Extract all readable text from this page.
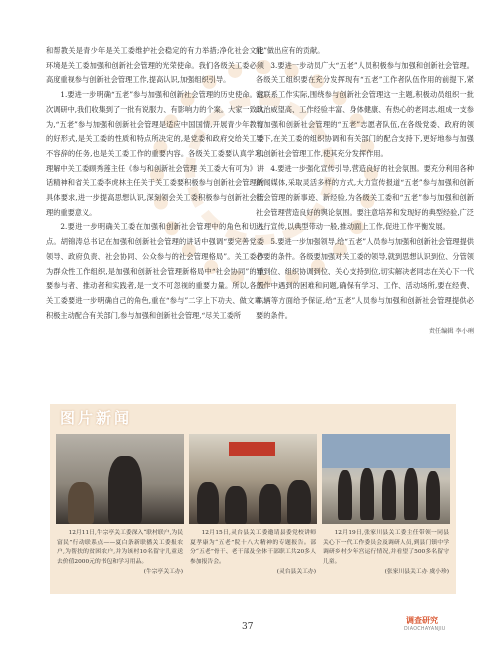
和帮教关是青少年是关工委维护社会稳定的有力举措;净化社会文化环境是关工委加强和创新社会管理的光荣使命。我们各级关工委必须高度重视参与创新社会管理工作,提高认识,加强组织引导。

1.要进一步明确“五老”参与加强和创新社会管理的历史使命。这次调研中,我们收集到了一批有说服力、有影响力的个案。大家一致认为,“五老”参与加强和创新社会管理是适应中国国情,开展青少年教育的好形式,是关工委的性质和特点所决定的,是党委和政府交给关工委不容辞的任务,也是关工委工作的重要内容。各级关工委要认真学习,理解中关工委顾秀莲主任《参与和创新社会管理 关工委大有可为》讲话精神和省关工委李虎林主任关于关工委要积极参与创新社会管理的具体要求,进一步提高思想认识,深刻领会关工委积极参与创新社会管理的重要意义。

2.要进一步明确关工委在加强和创新社会管理中的角色和切入点。胡锦涛总书记在加强和创新社会管理的讲话中强调“要完善党委领导、政府负责、社会协同、公众参与的社会管理格局”。关工委作为群众性工作组织,是加强和创新社会管理新格局中“社会协同”的重要参与者、推动者和实践者,是一支不可忽视的重要力量。所以,各级关工委要进一步明确自己的角色,重在“参与”二字上下功夫、做文章,积极主动配合有关部门,参与加强和创新社会管理,“尽关工委所

能”做出应有的贡献。

3.要进一步动员广大“五老”人员积极参与加强和创新社会管理。各级关工组织要在充分发挥现有“五老”工作者队伍作用的前提下,紧密联系工作实际,围绕参与创新社会管理这一主题,积极动员组织一批政治威望高、工作经验丰富、身体健康、有热心的老同志,组成一支参与加强和创新社会管理的“五老”志愿者队伍,在各级党委、政府的领导下,在关工委的组织协调和有关部门的配合支持下,更好地参与加强和创新社会管理工作,使其充分发挥作用。

4.要进一步强化宣传引导,营造良好的社会氛围。要充分利用各种新闻媒体,采取灵活多样的方式,大力宣传报道“五老”参与加强和创新社会管理的新事迹、新经验,为各级关工委和“五老”参与加强和创新社会管理营造良好的舆论氛围。要注意培养和发现好的典型经验,广泛进行宣传,以典型带动一般,推动面上工作,促进工作平衡发展。

5.要进一步加强领导,给“五老”人员参与加强和创新社会管理提供必要的条件。各级要加强对关工委的领导,就到思想认识到位、分管领导到位、组织协调到位、关心支持到位,切实解决老同志在关心下一代工作中遇到的困难和问题,确保有学习、工作、活动场所,要在经费、车辆等方面给予保证,给“五老”人员参与加强和创新社会管理提供必要的条件。

责任编辑 李小琍
图片新闻
12月11日,牛宗亭关工委深入“联村联户,为民富民”行动联系点——夏白条新联播关工委报农户,为帮扶的贫困农户,并为该村10名留守儿童送去价值2000元的书包和学习用品。
(牛宗亭关工办)
12月15日,灵台县关工委邀请县委党校讲师夏孝康为“五老”院十八大精神的专题报告。部分“五老”骨干、老干部及全体干部职工共20多人参加报告会。
(灵台县关工办)
12月19日,张家川县关工委主任带领一同县关心下一代工作委员会及调研人员,到县门镇中学调研乡村少年宫运行情况,并看望了500多名留守儿童。
(张家川县关工办 虞小珍)
37
调查研究
DIAOCHAYANJIU
